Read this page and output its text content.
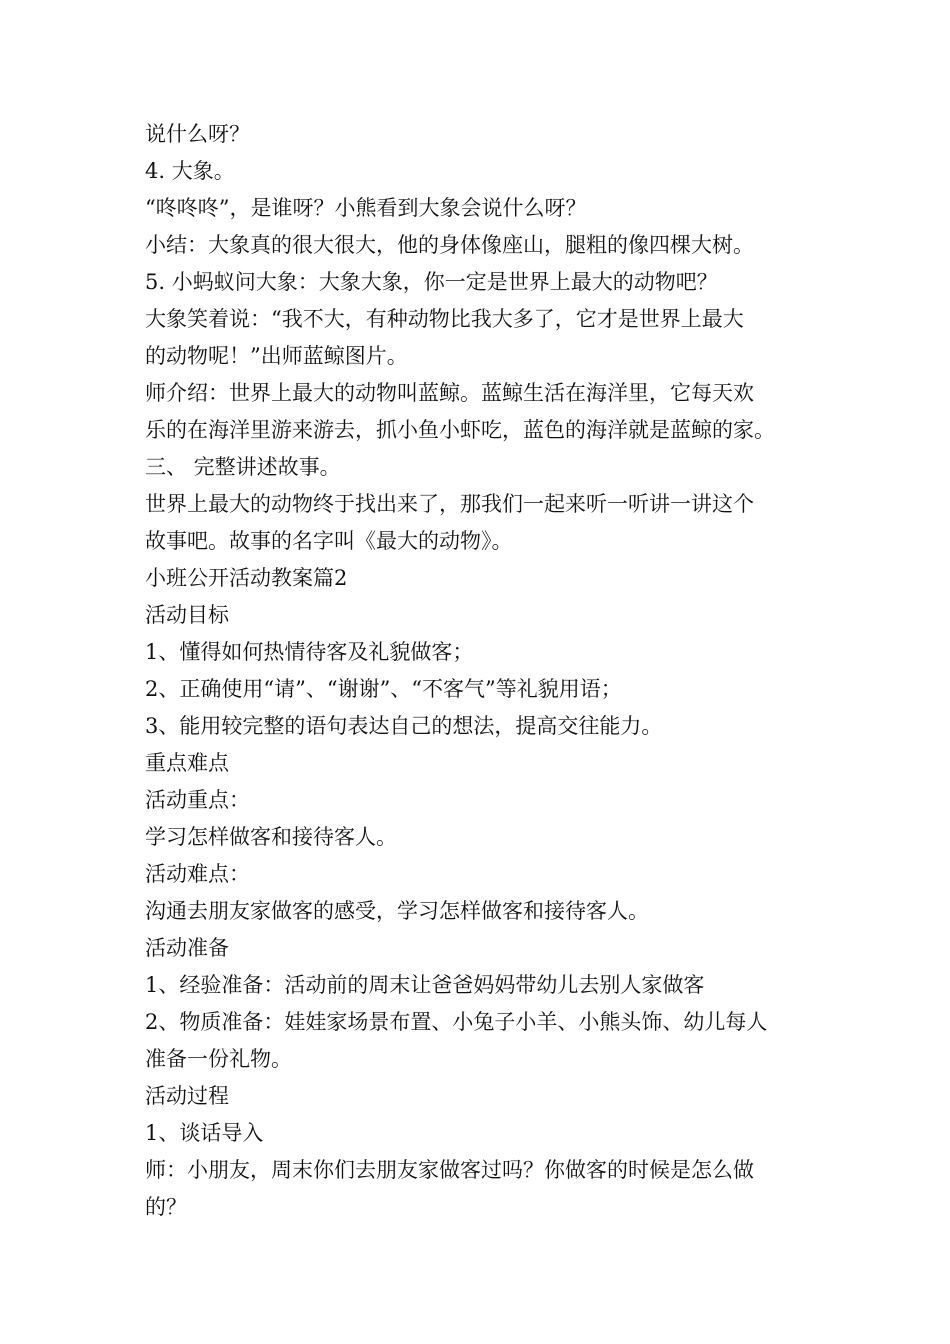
说什么呀？
4. 大象。
“咚咚咚”，是谁呀？小熊看到大象会说什么呀？
小结：大象真的很大很大，他的身体像座山，腿粗的像四棵大树。
5. 小蚂蚁问大象：大象大象，你一定是世界上最大的动物吧？
大象笑着说：“我不大，有种动物比我大多了，它才是世界上最大
的动物呢！”出师蓝鲸图片。
师介绍：世界上最大的动物叫蓝鲸。蓝鲸生活在海洋里，它每天欢
乐的在海洋里游来游去，抓小鱼小虾吃，蓝色的海洋就是蓝鲸的家。
三、 完整讲述故事。
世界上最大的动物终于找出来了，那我们一起来听一听讲一讲这个
故事吧。故事的名字叫《最大的动物》。
小班公开活动教案篇2
活动目标
1、懂得如何热情待客及礼貌做客；
2、正确使用“请”、“谢谢”、“不客气”等礼貌用语；
3、能用较完整的语句表达自己的想法，提高交往能力。
重点难点
活动重点：
学习怎样做客和接待客人。
活动难点：
沟通去朋友家做客的感受，学习怎样做客和接待客人。
活动准备
1、经验准备：活动前的周末让爸爸妈妈带幼儿去别人家做客
2、物质准备：娃娃家场景布置、小兔子小羊、小熊头饰、幼儿每人
准备一份礼物。
活动过程
1、谈话导入
师：小朋友，周末你们去朋友家做客过吗？你做客的时候是怎么做
的？
